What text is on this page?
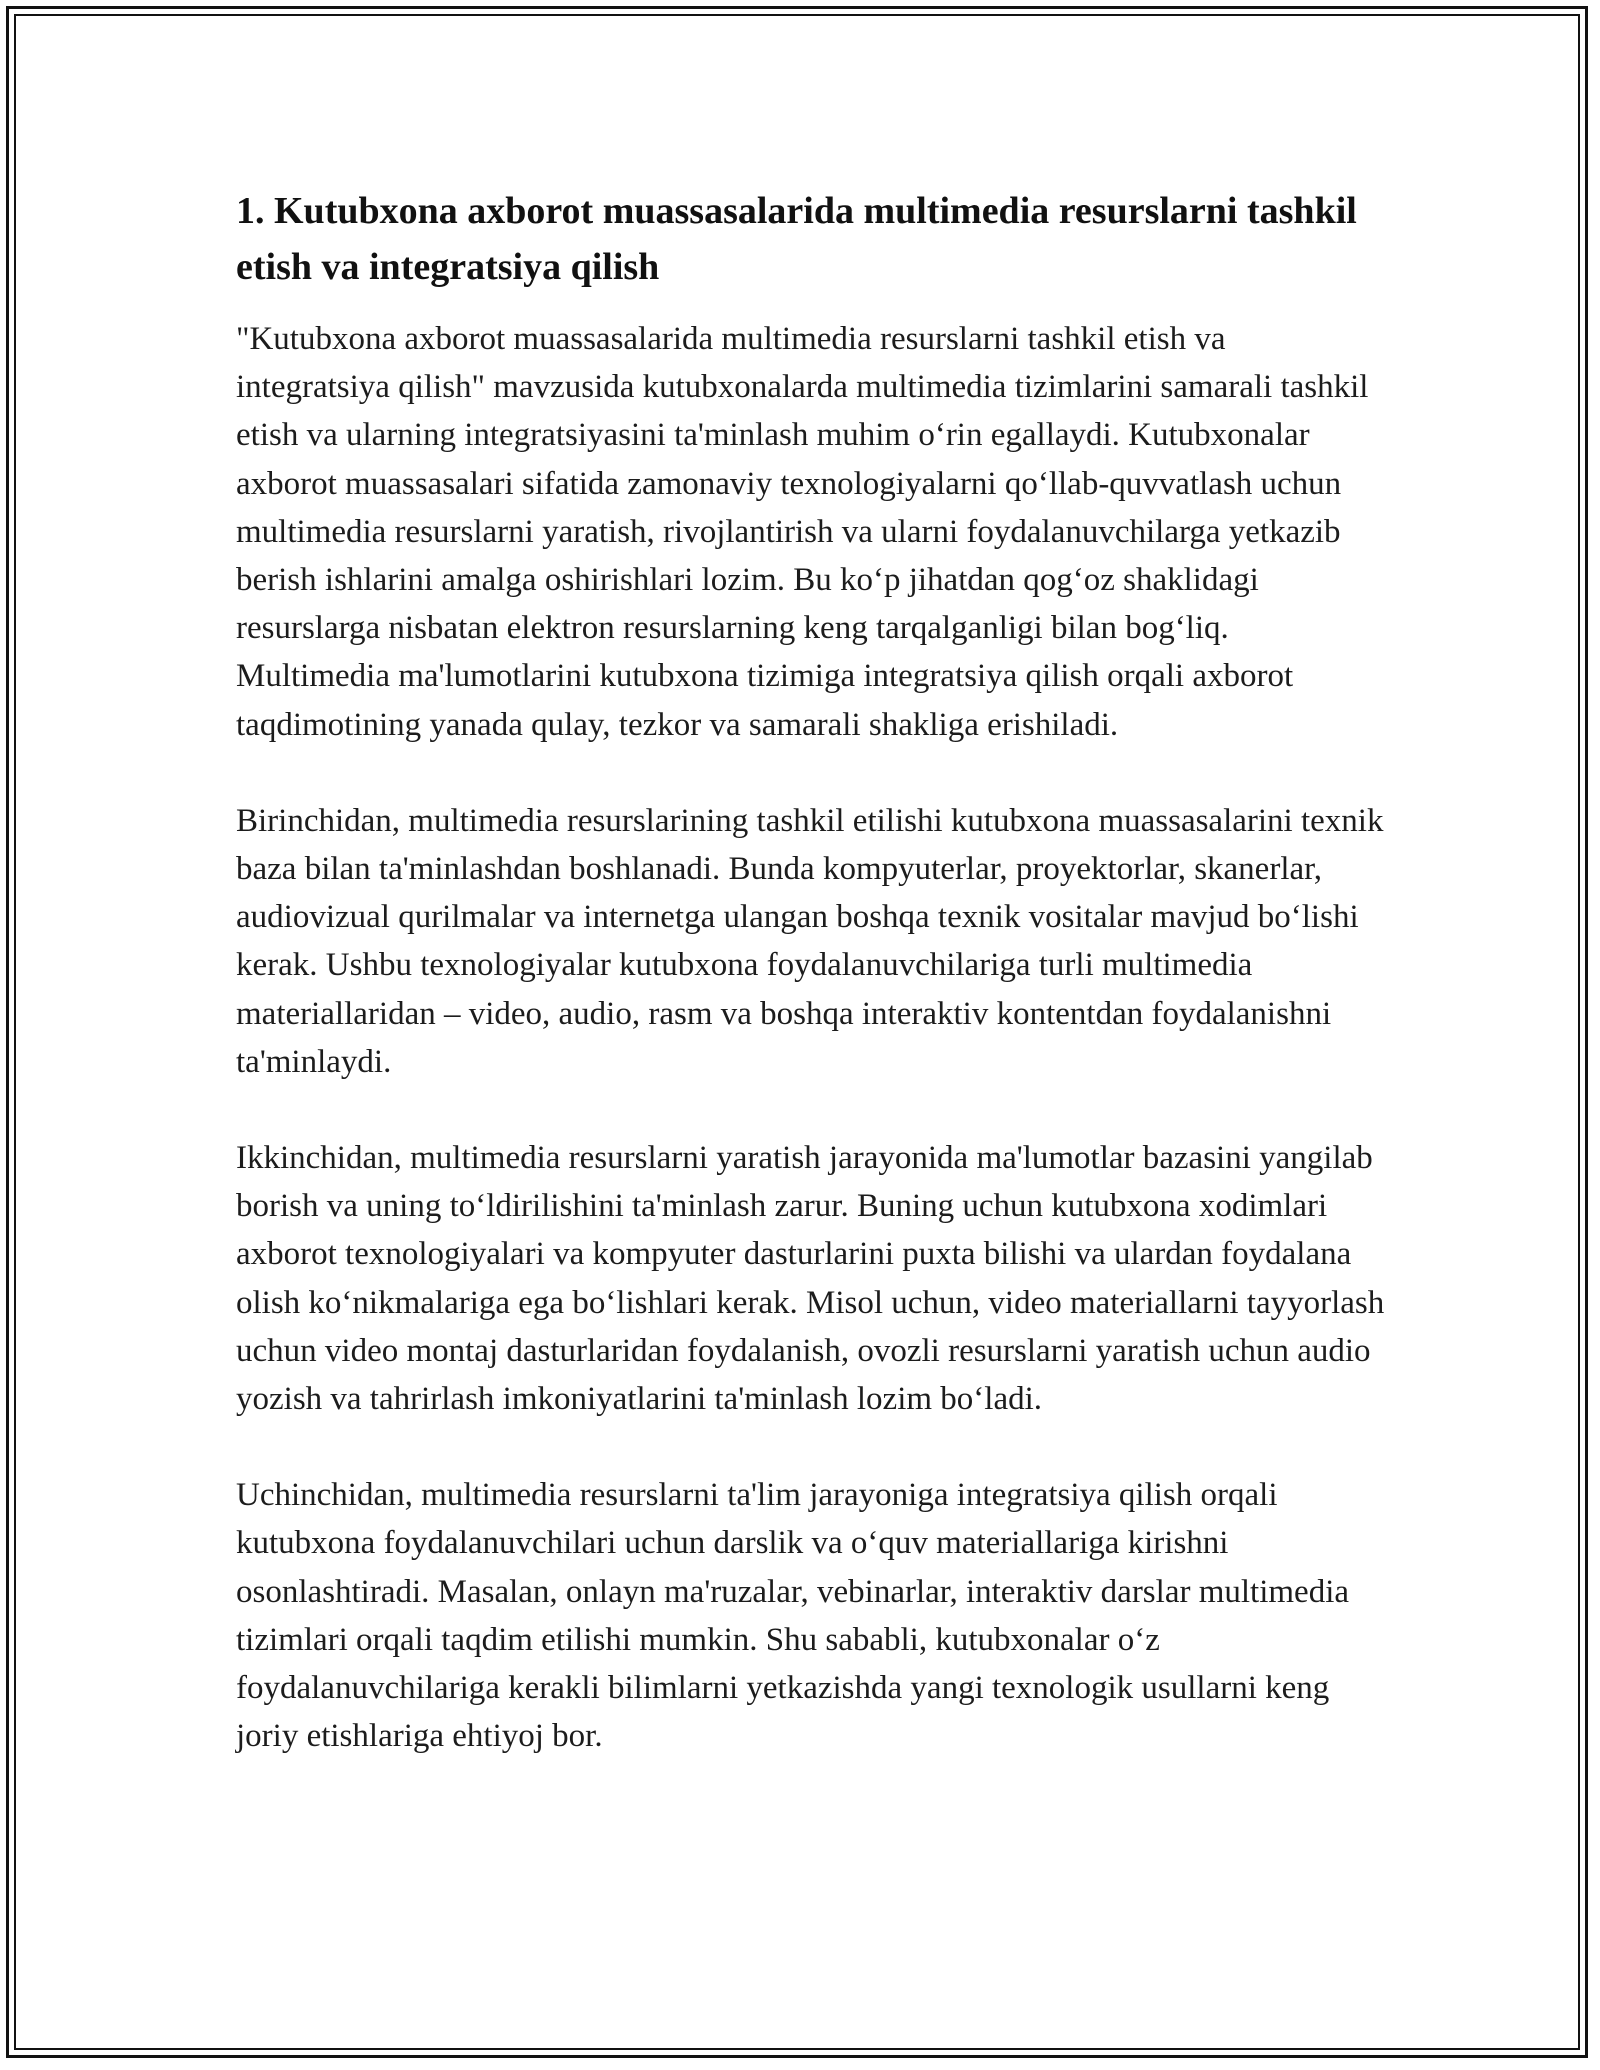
1. Kutubxona axborot muassasalarida multimedia resurslarni tashkil etish va integratsiya qilish

"Kutubxona axborot muassasalarida multimedia resurslarni tashkil etish va integratsiya qilish" mavzusida kutubxonalarda multimedia tizimlarini samarali tashkil etish va ularning integratsiyasini ta'minlash muhim o‘rin egallaydi. Kutubxonalar axborot muassasalari sifatida zamonaviy texnologiyalarni qo‘llab-quvvatlash uchun multimedia resurslarni yaratish, rivojlantirish va ularni foydalanuvchilarga yetkazib berish ishlarini amalga oshirishlari lozim. Bu ko‘p jihatdan qog‘oz shaklidagi resurslarga nisbatan elektron resurslarning keng tarqalganligi bilan bog‘liq. Multimedia ma'lumotlarini kutubxona tizimiga integratsiya qilish orqali axborot taqdimotining yanada qulay, tezkor va samarali shakliga erishiladi.

Birinchidan, multimedia resurslarining tashkil etilishi kutubxona muassasalarini texnik baza bilan ta'minlashdan boshlanadi. Bunda kompyuterlar, proyektorlar, skanerlar, audiovizual qurilmalar va internetga ulangan boshqa texnik vositalar mavjud bo‘lishi kerak. Ushbu texnologiyalar kutubxona foydalanuvchilariga turli multimedia materiallaridan – video, audio, rasm va boshqa interaktiv kontentdan foydalanishni ta'minlaydi.

Ikkinchidan, multimedia resurslarni yaratish jarayonida ma'lumotlar bazasini yangilab borish va uning to‘ldirilishini ta'minlash zarur. Buning uchun kutubxona xodimlari axborot texnologiyalari va kompyuter dasturlarini puxta bilishi va ulardan foydalana olish ko‘nikmalariga ega bo‘lishlari kerak. Misol uchun, video materiallarni tayyorlash uchun video montaj dasturlaridan foydalanish, ovozli resurslarni yaratish uchun audio yozish va tahrirlash imkoniyatlarini ta'minlash lozim bo‘ladi.

Uchinchidan, multimedia resurslarni ta'lim jarayoniga integratsiya qilish orqali kutubxona foydalanuvchilari uchun darslik va o‘quv materiallariga kirishni osonlashtiradi. Masalan, onlayn ma'ruzalar, vebinarlar, interaktiv darslar multimedia tizimlari orqali taqdim etilishi mumkin. Shu sababli, kutubxonalar o‘z foydalanuvchilariga kerakli bilimlarni yetkazishda yangi texnologik usullarni keng joriy etishlariga ehtiyoj bor.
